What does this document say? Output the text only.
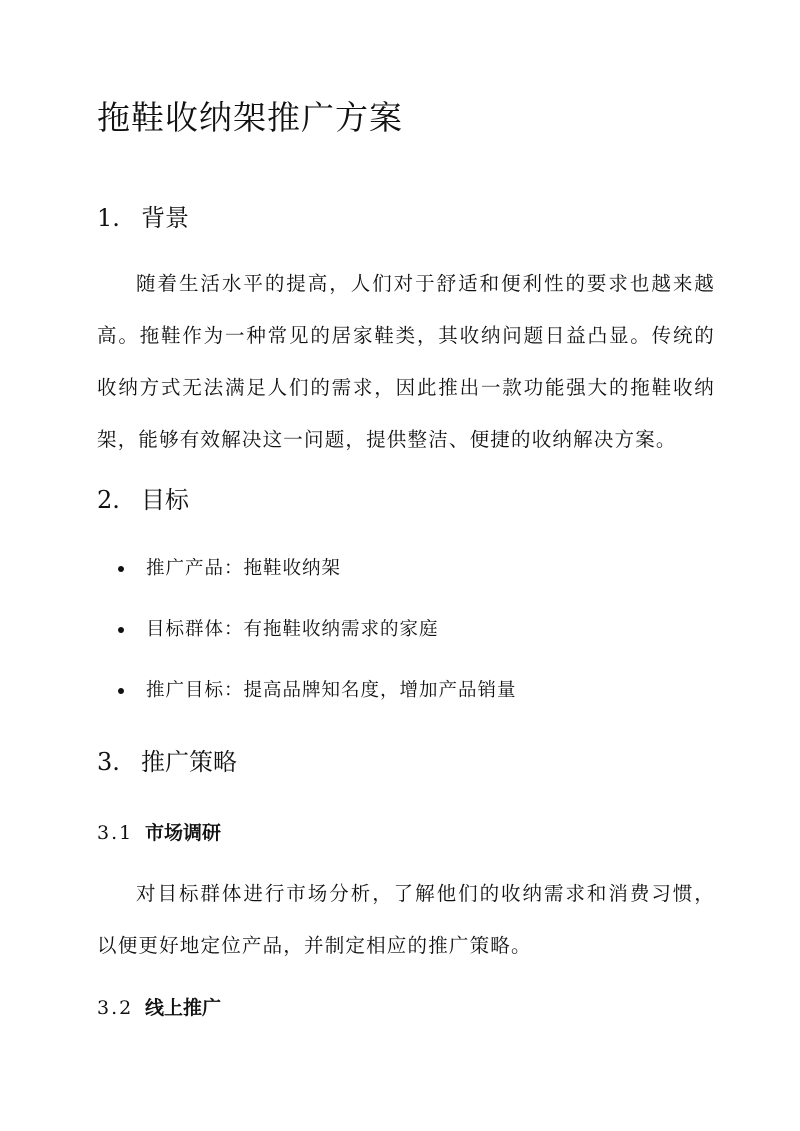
拖鞋收纳架推广方案
1. 背景

随着生活水平的提高，人们对于舒适和便利性的要求也越来越高。拖鞋作为一种常见的居家鞋类，其收纳问题日益凸显。传统的收纳方式无法满足人们的需求，因此推出一款功能强大的拖鞋收纳架，能够有效解决这一问题，提供整洁、便捷的收纳解决方案。

2. 目标
推广产品：拖鞋收纳架
目标群体：有拖鞋收纳需求的家庭
推广目标：提高品牌知名度，增加产品销量
3. 推广策略
3.1 市场调研

对目标群体进行市场分析，了解他们的收纳需求和消费习惯，以便更好地定位产品，并制定相应的推广策略。

3.2 线上推广
